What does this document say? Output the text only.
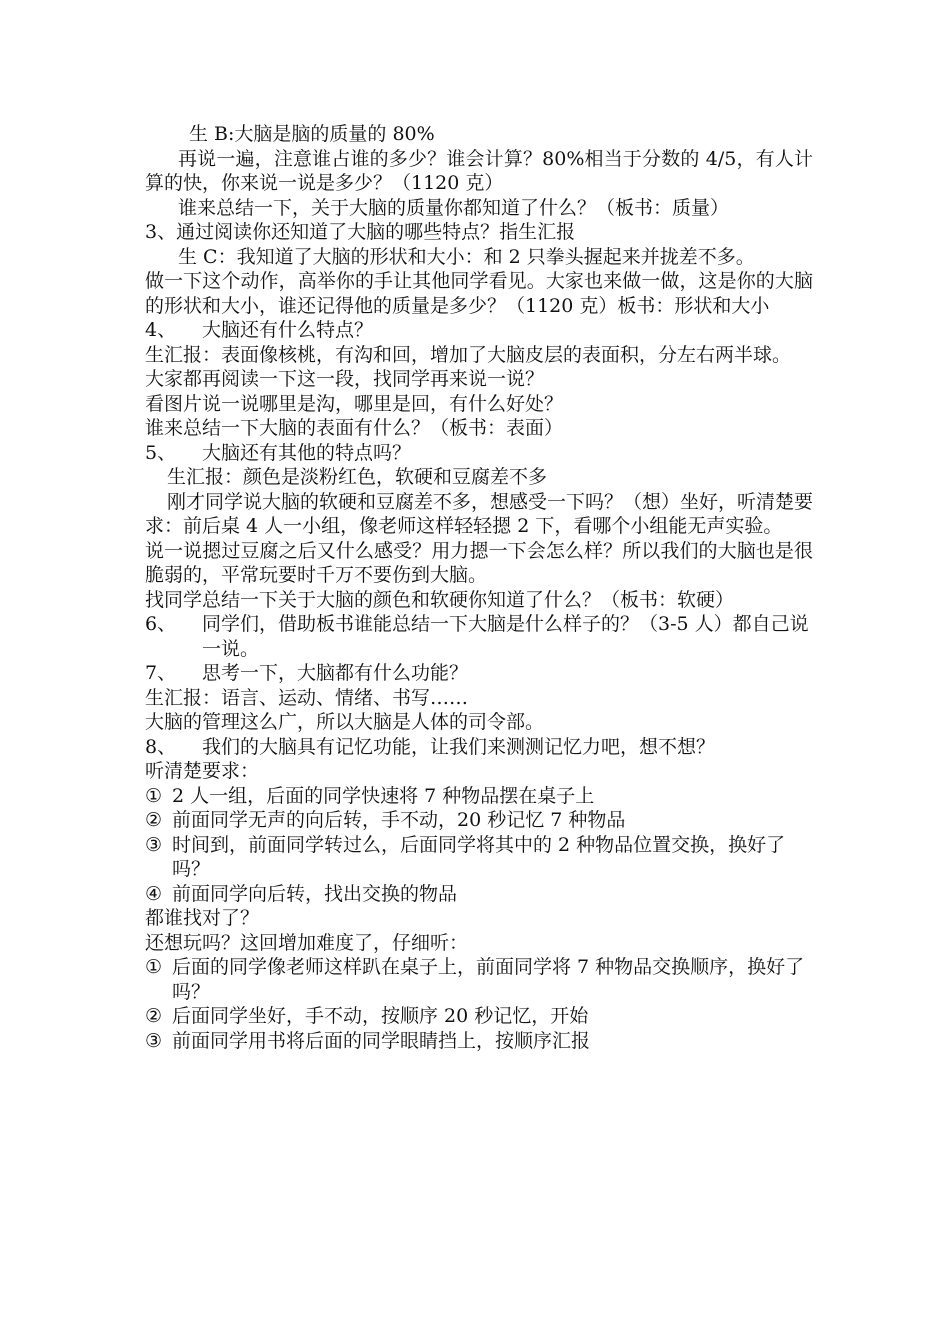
生 B:大脑是脑的质量的 80%

再说一遍，注意谁占谁的多少？谁会计算？80%相当于分数的 4/5，有人计算的快，你来说一说是多少？（1120 克）

谁来总结一下，关于大脑的质量你都知道了什么？（板书：质量）

3、通过阅读你还知道了大脑的哪些特点？指生汇报

生 C：我知道了大脑的形状和大小：和 2 只拳头握起来并拢差不多。

做一下这个动作，高举你的手让其他同学看见。大家也来做一做，这是你的大脑的形状和大小，谁还记得他的质量是多少？（1120 克）板书：形状和大小

4、	大脑还有什么特点？

生汇报：表面像核桃，有沟和回，增加了大脑皮层的表面积，分左右两半球。

大家都再阅读一下这一段，找同学再来说一说？

看图片说一说哪里是沟，哪里是回，有什么好处？

谁来总结一下大脑的表面有什么？（板书：表面）

5、	大脑还有其他的特点吗？

生汇报：颜色是淡粉红色，软硬和豆腐差不多

刚才同学说大脑的软硬和豆腐差不多，想感受一下吗？（想）坐好，听清楚要求：前后桌 4 人一小组，像老师这样轻轻摁 2 下，看哪个小组能无声实验。

说一说摁过豆腐之后又什么感受？用力摁一下会怎么样？所以我们的大脑也是很脆弱的，平常玩要时千万不要伤到大脑。

找同学总结一下关于大脑的颜色和软硬你知道了什么？（板书：软硬）

6、	同学们，借助板书谁能总结一下大脑是什么样子的？（3-5 人）都自己说一说。
7、	思考一下，大脑都有什么功能？

生汇报：语言、运动、情绪、书写……

大脑的管理这么广，所以大脑是人体的司令部。

8、	我们的大脑具有记忆功能，让我们来测测记忆力吧，想不想？

听清楚要求：

① 2 人一组，后面的同学快速将 7 种物品摆在桌子上
② 前面同学无声的向后转，手不动，20 秒记忆 7 种物品
③ 时间到，前面同学转过么，后面同学将其中的 2 种物品位置交换，换好了吗？
④ 前面同学向后转，找出交换的物品

都谁找对了？

还想玩吗？这回增加难度了，仔细听：

① 后面的同学像老师这样趴在桌子上，前面同学将 7 种物品交换顺序，换好了吗？
② 后面同学坐好，手不动，按顺序 20 秒记忆，开始
③ 前面同学用书将后面的同学眼睛挡上，按顺序汇报
